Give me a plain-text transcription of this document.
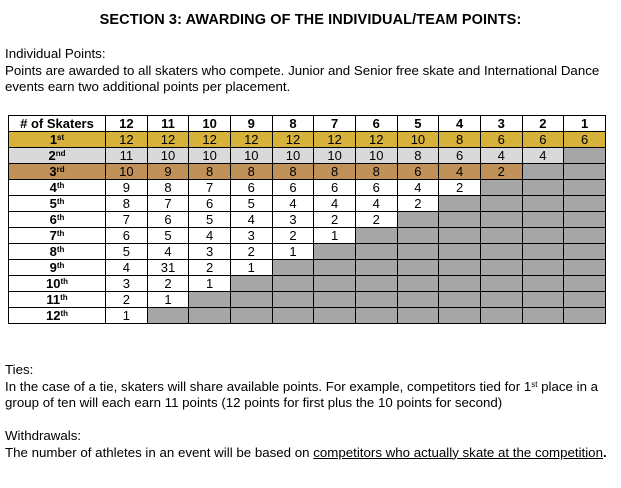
SECTION 3: AWARDING OF THE INDIVIDUAL/TEAM POINTS:
Individual Points:
Points are awarded to all skaters who compete. Junior and Senior free skate and International Dance events earn two additional points per placement.
# of Skaters	12	11	10	9	8	7	6	5	4	3	2	1
1st	12	12	12	12	12	12	12	10	8	6	6	6
2nd	11	10	10	10	10	10	10	8	6	4	4	
3rd	10	9	8	8	8	8	8	6	4	2		
4th	9	8	7	6	6	6	6	4	2			
5th	8	7	6	5	4	4	4	2				
6th	7	6	5	4	3	2	2					
7th	6	5	4	3	2	1						
8th	5	4	3	2	1							
9th	4	31	2	1								
10th	3	2	1									
11th	2	1										
12th	1											
Ties:
In the case of a tie, skaters will share available points. For example, competitors tied for 1st place in a group of ten will each earn 11 points (12 points for first plus the 10 points for second)
Withdrawals:
The number of athletes in an event will be based on competitors who actually skate at the competition.
